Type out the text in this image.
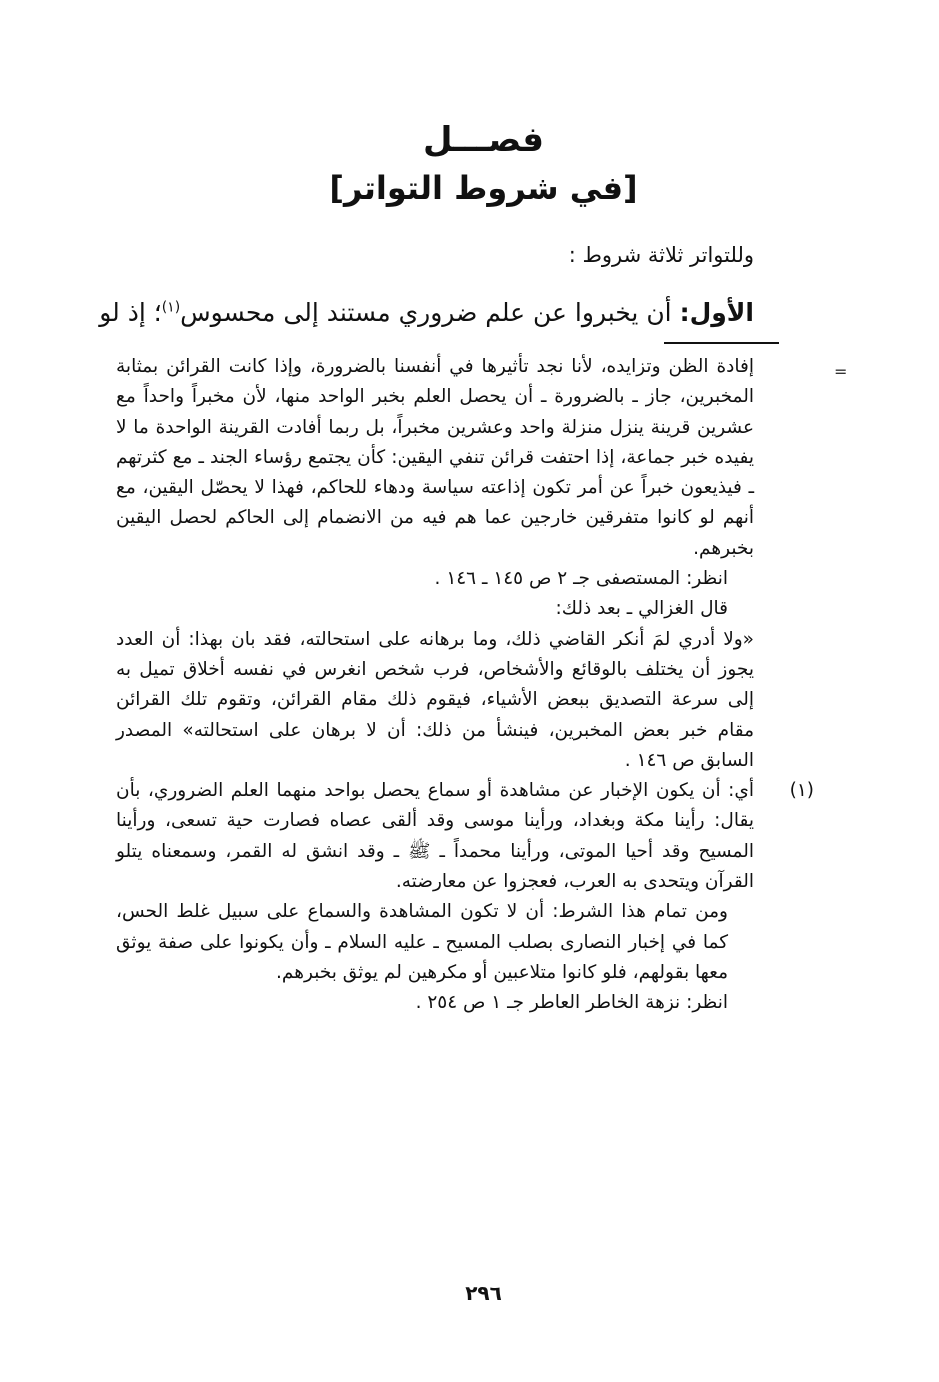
فصـــل
[في شروط التواتر]
وللتواتر ثلاثة شروط :
الأول: أن يخبروا عن علم ضروري مستند إلى محسوس$^{(١)}$؛ إذ لو
=

إفادة الظن وتزايده، لأنا نجد تأثيرها في أنفسنا بالضرورة، وإذا كانت القرائن بمثابة المخبرين، جاز ـ بالضرورة ـ أن يحصل العلم بخبر الواحد منها، لأن مخبراً واحداً مع عشرين قرينة ينزل منزلة واحد وعشرين مخبراً، بل ربما أفادت القرينة الواحدة ما لا يفيده خبر جماعة، إذا احتفت قرائن تنفي اليقين: كأن يجتمع رؤساء الجند ـ مع كثرتهم ـ فيذيعون خبراً عن أمر تكون إذاعته سياسة ودهاء للحاكم، فهذا لا يحصّل اليقين، مع أنهم لو كانوا متفرقين خارجين عما هم فيه من الانضمام إلى الحاكم لحصل اليقين بخبرهم.

انظر: المستصفى جـ ٢ ص ١٤٥ ـ ١٤٦ .

قال الغزالي ـ بعد ذلك:

«ولا أدري لمَ أنكر القاضي ذلك، وما برهانه على استحالته، فقد بان بهذا: أن العدد يجوز أن يختلف بالوقائع والأشخاص، فرب شخص انغرس في نفسه أخلاق تميل به إلى سرعة التصديق ببعض الأشياء، فيقوم ذلك مقام القرائن، وتقوم تلك القرائن مقام خبر بعض المخبرين، فينشأ من ذلك: أن لا برهان على استحالته» المصدر السابق ص ١٤٦ .

(١)

أي: أن يكون الإخبار عن مشاهدة أو سماع يحصل بواحد منهما العلم الضروري، بأن يقال: رأينا مكة وبغداد، ورأينا موسى وقد ألقى عصاه فصارت حية تسعى، ورأينا المسيح وقد أحيا الموتى، ورأينا محمداً ـ ﷺ ـ وقد انشق له القمر، وسمعناه يتلو القرآن ويتحدى به العرب، فعجزوا عن معارضته.

ومن تمام هذا الشرط: أن لا تكون المشاهدة والسماع على سبيل غلط الحس، كما في إخبار النصارى بصلب المسيح ـ عليه السلام ـ وأن يكونوا على صفة يوثق معها بقولهم، فلو كانوا متلاعبين أو مكرهين لم يوثق بخبرهم.

انظر: نزهة الخاطر العاطر جـ ١ ص ٢٥٤ .

٢٩٦
